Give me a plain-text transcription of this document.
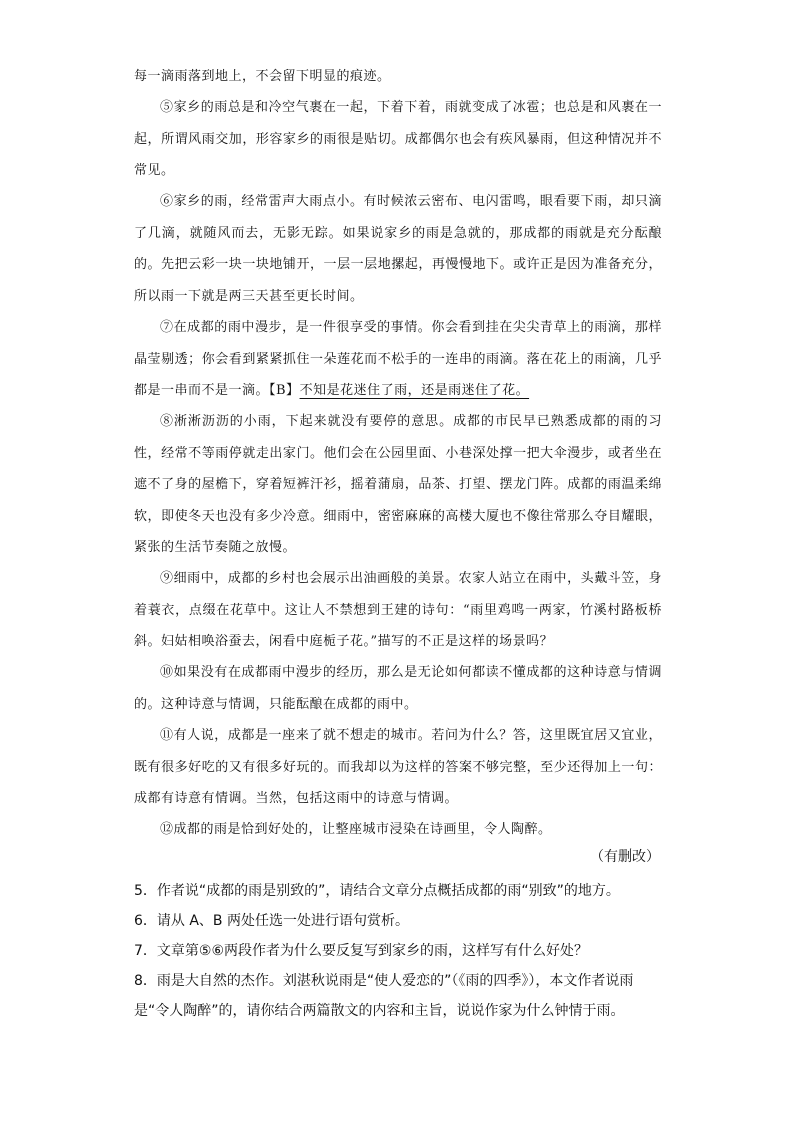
每一滴雨落到地上，不会留下明显的痕迹。

⑤家乡的雨总是和冷空气裹在一起，下着下着，雨就变成了冰雹；也总是和风裹在一起，所谓风雨交加，形容家乡的雨很是贴切。成都偶尔也会有疾风暴雨，但这种情况并不常见。

⑥家乡的雨，经常雷声大雨点小。有时候浓云密布、电闪雷鸣，眼看要下雨，却只滴了几滴，就随风而去，无影无踪。如果说家乡的雨是急就的，那成都的雨就是充分酝酿的。先把云彩一块一块地铺开，一层一层地摞起，再慢慢地下。或许正是因为准备充分，所以雨一下就是两三天甚至更长时间。

⑦在成都的雨中漫步，是一件很享受的事情。你会看到挂在尖尖青草上的雨滴，那样晶莹剔透；你会看到紧紧抓住一朵莲花而不松手的一连串的雨滴。落在花上的雨滴，几乎都是一串而不是一滴。【B】不知是花迷住了雨，还是雨迷住了花。

⑧淅淅沥沥的小雨，下起来就没有要停的意思。成都的市民早已熟悉成都的雨的习性，经常不等雨停就走出家门。他们会在公园里面、小巷深处撑一把大伞漫步，或者坐在遮不了身的屋檐下，穿着短裤汗衫，摇着蒲扇，品茶、打望、摆龙门阵。成都的雨温柔绵软，即使冬天也没有多少冷意。细雨中，密密麻麻的高楼大厦也不像往常那么夺目耀眼，紧张的生活节奏随之放慢。

⑨细雨中，成都的乡村也会展示出油画般的美景。农家人站立在雨中，头戴斗笠，身着蓑衣，点缀在花草中。这让人不禁想到王建的诗句：“雨里鸡鸣一两家，竹溪村路板桥斜。妇姑相唤浴蚕去，闲看中庭栀子花。”描写的不正是这样的场景吗？

⑩如果没有在成都雨中漫步的经历，那么是无论如何都读不懂成都的这种诗意与情调的。这种诗意与情调，只能酝酿在成都的雨中。

⑪有人说，成都是一座来了就不想走的城市。若问为什么？答，这里既宜居又宜业，既有很多好吃的又有很多好玩的。而我却以为这样的答案不够完整，至少还得加上一句：成都有诗意有情调。当然，包括这雨中的诗意与情调。

⑫成都的雨是恰到好处的，让整座城市浸染在诗画里，令人陶醉。

（有删改）

5．作者说“成都的雨是别致的”，请结合文章分点概括成都的雨“别致”的地方。

6．请从 A、B 两处任选一处进行语句赏析。

7．文章第⑤⑥两段作者为什么要反复写到家乡的雨，这样写有什么好处？

8．雨是大自然的杰作。刘湛秋说雨是“使人爱恋的”（《雨的四季》），本文作者说雨是“令人陶醉”的，请你结合两篇散文的内容和主旨，说说作家为什么钟情于雨。
